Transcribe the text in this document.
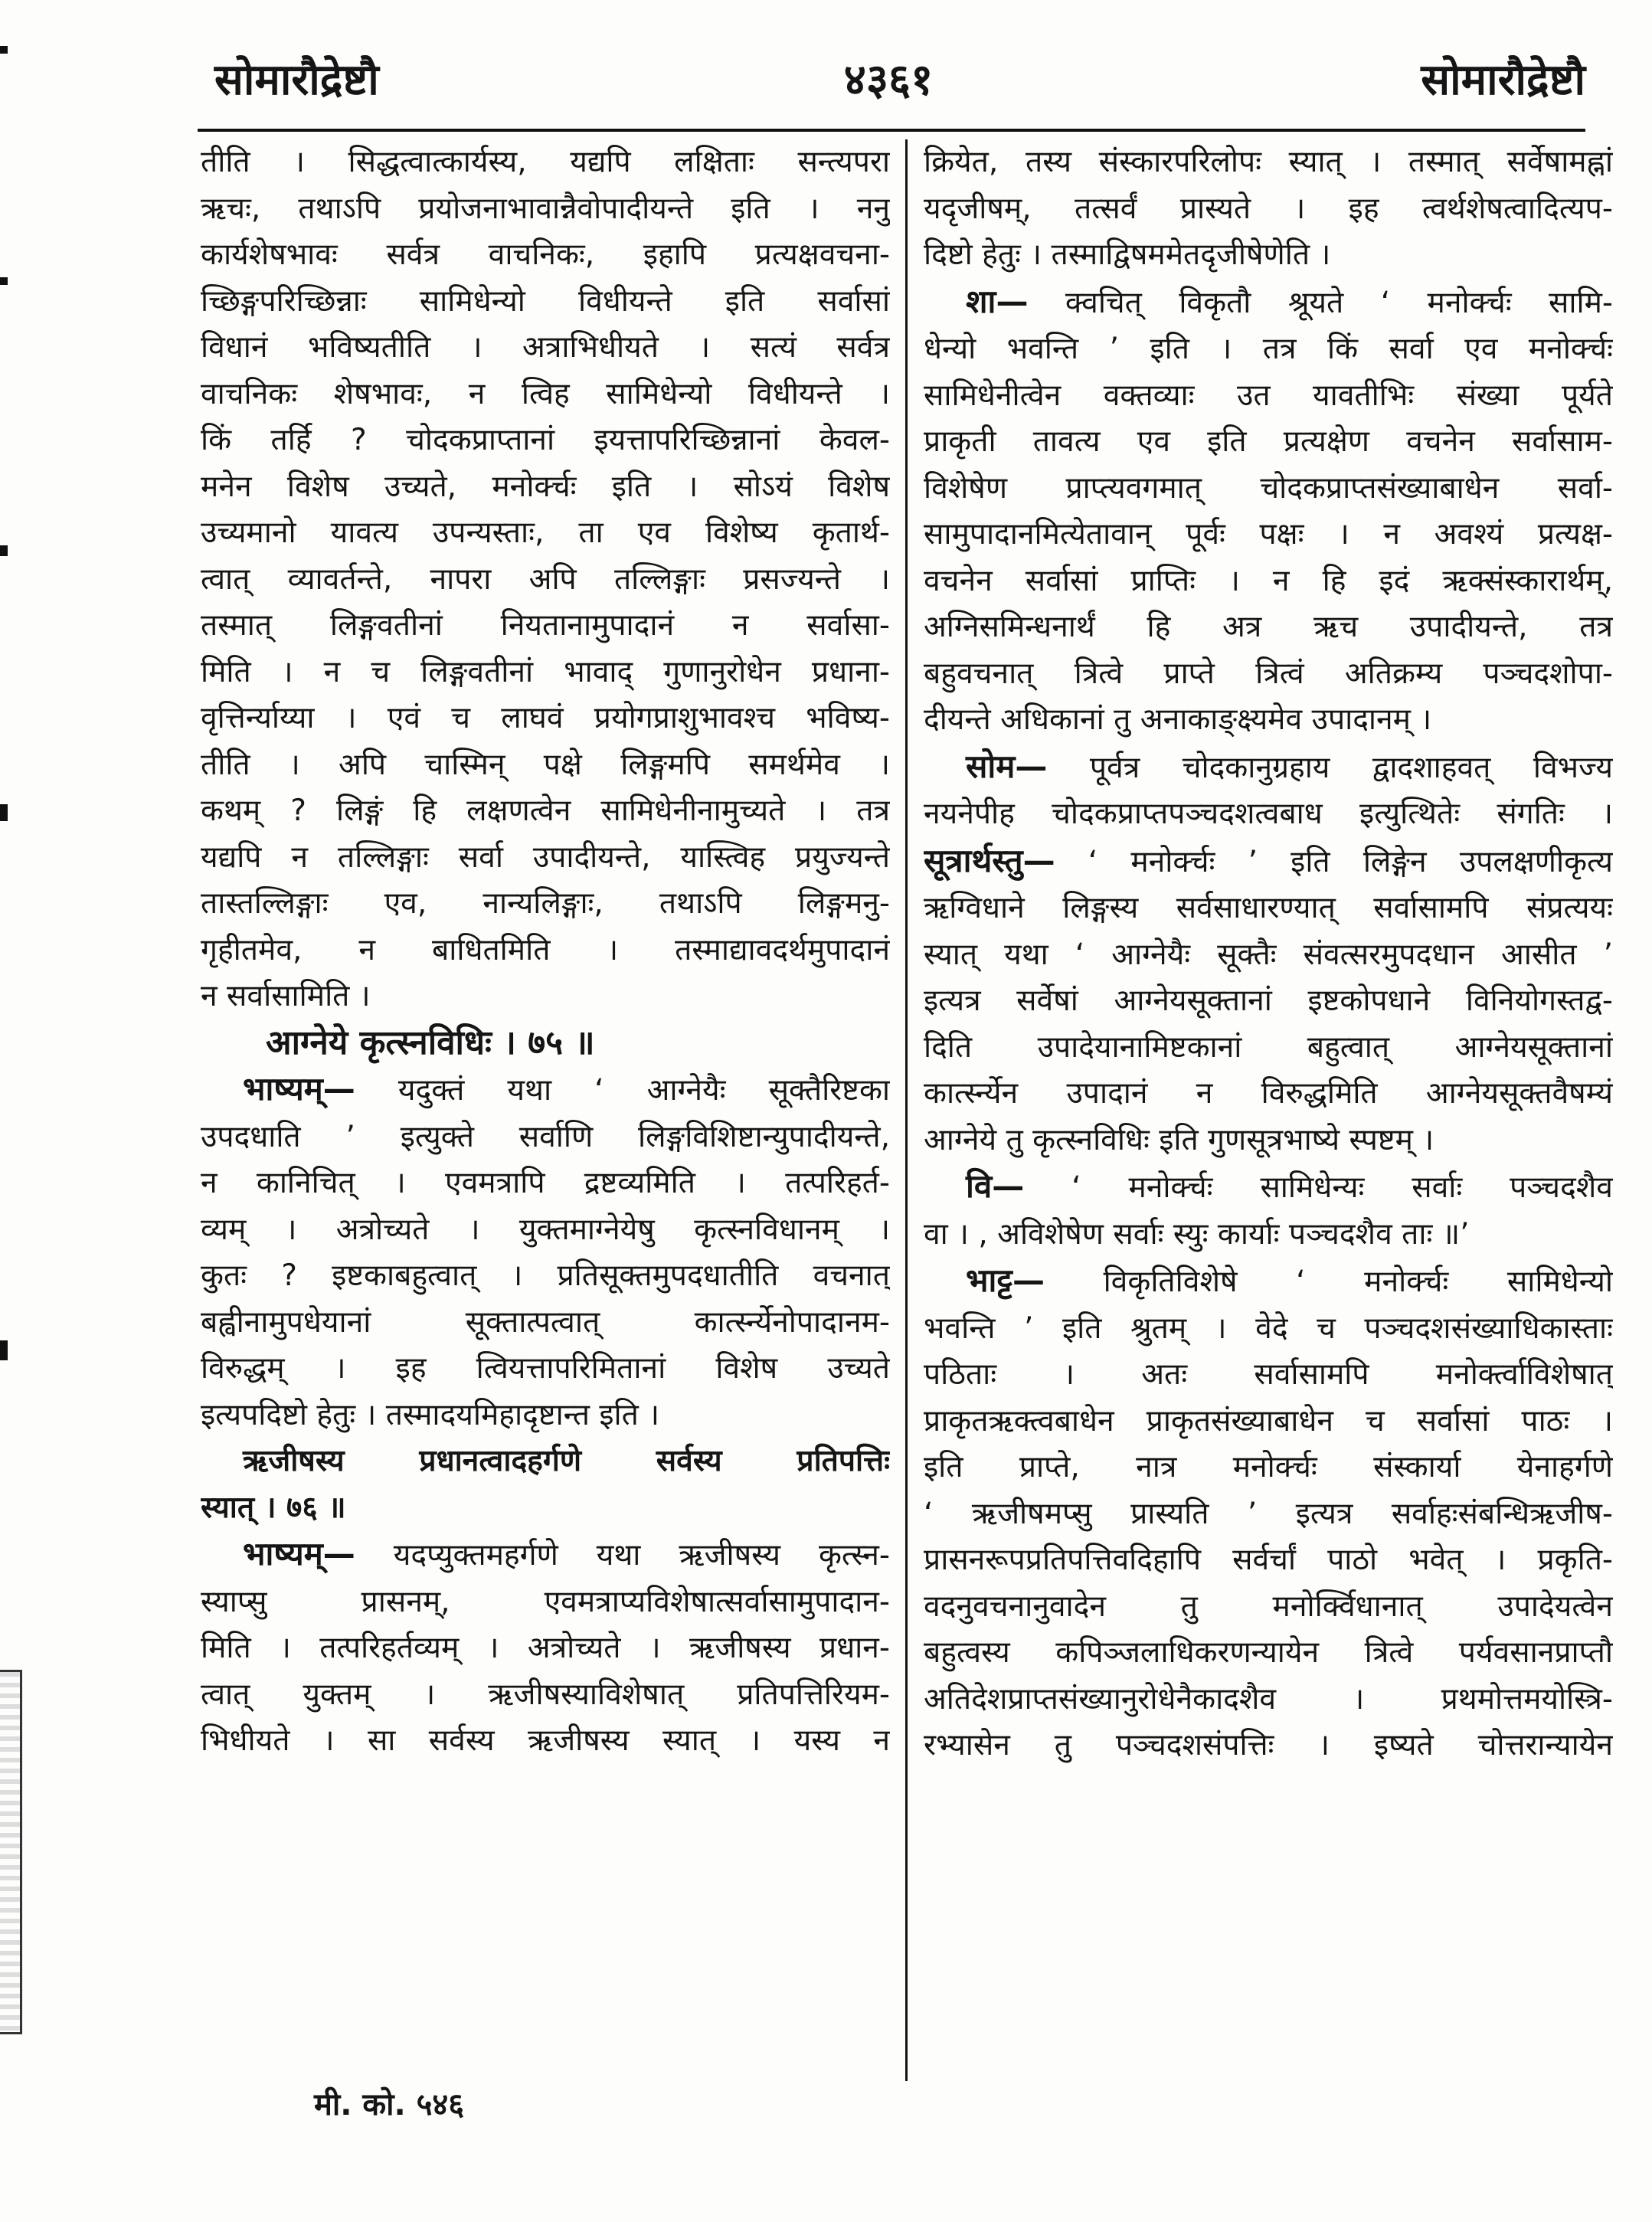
सोमारौद्रेष्टौ	४३६१	सोमारौद्रेष्टौ
तीति । सिद्धत्वात्कार्यस्य, यद्यपि लक्षिताः सन्त्यपरा
ऋचः, तथाऽपि प्रयोजनाभावान्नैवोपादीयन्ते इति । ननु
कार्यशेषभावः सर्वत्र वाचनिकः, इहापि प्रत्यक्षवचना-
च्छिङ्गपरिच्छिन्नाः सामिधेन्यो विधीयन्ते इति सर्वासां
विधानं भविष्यतीति । अत्राभिधीयते । सत्यं सर्वत्र
वाचनिकः शेषभावः, न त्विह सामिधेन्यो विधीयन्ते ।
किं तर्हि ? चोदकप्राप्तानां इयत्तापरिच्छिन्नानां केवल-
मनेन विशेष उच्यते, मनोर्क्चः इति । सोऽयं विशेष
उच्यमानो यावत्य उपन्यस्ताः, ता एव विशेष्य कृतार्थ-
त्वात् व्यावर्तन्ते, नापरा अपि तल्लिङ्गाः प्रसज्यन्ते ।
तस्मात् लिङ्गवतीनां नियतानामुपादानं न सर्वासा-
मिति । न च लिङ्गवतीनां भावाद् गुणानुरोधेन प्रधाना-
वृत्तिर्न्याय्या । एवं च लाघवं प्रयोगप्राशुभावश्च भविष्य-
तीति । अपि चास्मिन् पक्षे लिङ्गमपि समर्थमेव ।
कथम् ? लिङ्गं हि लक्षणत्वेन सामिधेनीनामुच्यते । तत्र
यद्यपि न तल्लिङ्गाः सर्वा उपादीयन्ते, यास्त्विह प्रयुज्यन्ते
तास्तल्लिङ्गाः एव, नान्यलिङ्गाः, तथाऽपि लिङ्गमनु-
गृहीतमेव, न बाधितमिति । तस्माद्यावदर्थमुपादानं
न सर्वासामिति ।
आग्नेये कृत्स्नविधिः । ७५ ॥
भाष्यम्— यदुक्तं यथा ‘ आग्नेयैः सूक्तैरिष्टका
उपदधाति ’ इत्युक्ते सर्वाणि लिङ्गविशिष्टान्युपादीयन्ते,
न कानिचित् । एवमत्रापि द्रष्टव्यमिति । तत्परिहर्त-
व्यम् । अत्रोच्यते । युक्तमाग्नेयेषु कृत्स्नविधानम् ।
कुतः ? इष्टकाबहुत्वात् । प्रतिसूक्तमुपदधातीति वचनात्
बह्वीनामुपधेयानां सूक्तात्पत्वात् कार्त्स्न्येनोपादानम-
विरुद्धम् । इह त्वियत्तापरिमितानां विशेष उच्यते
इत्यपदिष्टो हेतुः । तस्मादयमिहादृष्टान्त इति ।
ऋजीषस्य प्रधानत्वादहर्गणे सर्वस्य प्रतिपत्तिः
स्यात् । ७६ ॥
भाष्यम्— यदप्युक्तमहर्गणे यथा ऋजीषस्य कृत्स्न-
स्याप्सु प्रासनम्, एवमत्राप्यविशेषात्सर्वासामुपादान-
मिति । तत्परिहर्तव्यम् । अत्रोच्यते । ऋजीषस्य प्रधान-
त्वात् युक्तम् । ऋजीषस्याविशेषात् प्रतिपत्तिरियम-
भिधीयते । सा सर्वस्य ऋजीषस्य स्यात् । यस्य न
क्रियेत, तस्य संस्कारपरिलोपः स्यात् । तस्मात् सर्वेषामह्नां
यदृजीषम्, तत्सर्वं प्रास्यते । इह त्वर्थशेषत्वादित्यप-
दिष्टो हेतुः । तस्माद्विषममेतदृजीषेणेति ।
शा— क्वचित् विकृतौ श्रूयते ‘ मनोर्क्चः सामि-
धेन्यो भवन्ति ’ इति । तत्र किं सर्वा एव मनोर्क्चः
सामिधेनीत्वेन वक्तव्याः उत यावतीभिः संख्या पूर्यते
प्राकृती तावत्य एव इति प्रत्यक्षेण वचनेन सर्वासाम-
विशेषेण प्राप्त्यवगमात् चोदकप्राप्तसंख्याबाधेन सर्वा-
सामुपादानमित्येतावान् पूर्वः पक्षः । न अवश्यं प्रत्यक्ष-
वचनेन सर्वासां प्राप्तिः । न हि इदं ऋक्संस्कारार्थम्,
अग्निसमिन्धनार्थं हि अत्र ऋच उपादीयन्ते, तत्र
बहुवचनात् त्रित्वे प्राप्ते त्रित्वं अतिक्रम्य पञ्चदशोपा-
दीयन्ते अधिकानां तु अनाकाङ्क्ष्यमेव उपादानम् ।
सोम— पूर्वत्र चोदकानुग्रहाय द्वादशाहवत् विभज्य
नयनेपीह चोदकप्राप्तपञ्चदशत्वबाध इत्युत्थितेः संगतिः ।
सूत्रार्थस्तु— ‘ मनोर्क्चः ’ इति लिङ्गेन उपलक्षणीकृत्य
ऋग्विधाने लिङ्गस्य सर्वसाधारण्यात् सर्वासामपि संप्रत्ययः
स्यात् यथा ‘ आग्नेयैः सूक्तैः संवत्सरमुपदधान आसीत ’
इत्यत्र सर्वेषां आग्नेयसूक्तानां इष्टकोपधाने विनियोगस्तद्व-
दिति उपादेयानामिष्टकानां बहुत्वात् आग्नेयसूक्तानां
कार्त्स्न्येन उपादानं न विरुद्धमिति आग्नेयसूक्तवैषम्यं
आग्नेये तु कृत्स्नविधिः इति गुणसूत्रभाष्ये स्पष्टम् ।
वि— ‘ मनोर्क्चः सामिधेन्यः सर्वाः पञ्चदशैव
वा । , अविशेषेण सर्वाः स्युः कार्याः पञ्चदशैव ताः ॥’
भाट्ट— विकृतिविशेषे ‘ मनोर्क्चः सामिधेन्यो
भवन्ति ’ इति श्रुतम् । वेदे च पञ्चदशसंख्याधिकास्ताः
पठिताः । अतः सर्वासामपि मनोर्क्त्वाविशेषात्
प्राकृतऋक्त्वबाधेन प्राकृतसंख्याबाधेन च सर्वासां पाठः ।
इति प्राप्ते, नात्र मनोर्क्चः संस्कार्या येनाहर्गणे
‘ ऋजीषमप्सु प्रास्यति ’ इत्यत्र सर्वाहःसंबन्धिऋजीष-
प्रासनरूपप्रतिपत्तिवदिहापि सर्वर्चां पाठो भवेत् । प्रकृति-
वदनुवचनानुवादेन तु मनोर्क्विधानात् उपादेयत्वेन
बहुत्वस्य कपिञ्जलाधिकरणन्यायेन त्रित्वे पर्यवसानप्राप्तौ
अतिदेशप्राप्तसंख्यानुरोधेनैकादशैव । प्रथमोत्तमयोस्त्रि-
रभ्यासेन तु पञ्चदशसंपत्तिः । इष्यते चोत्तरान्यायेन
मी. को. ५४६
